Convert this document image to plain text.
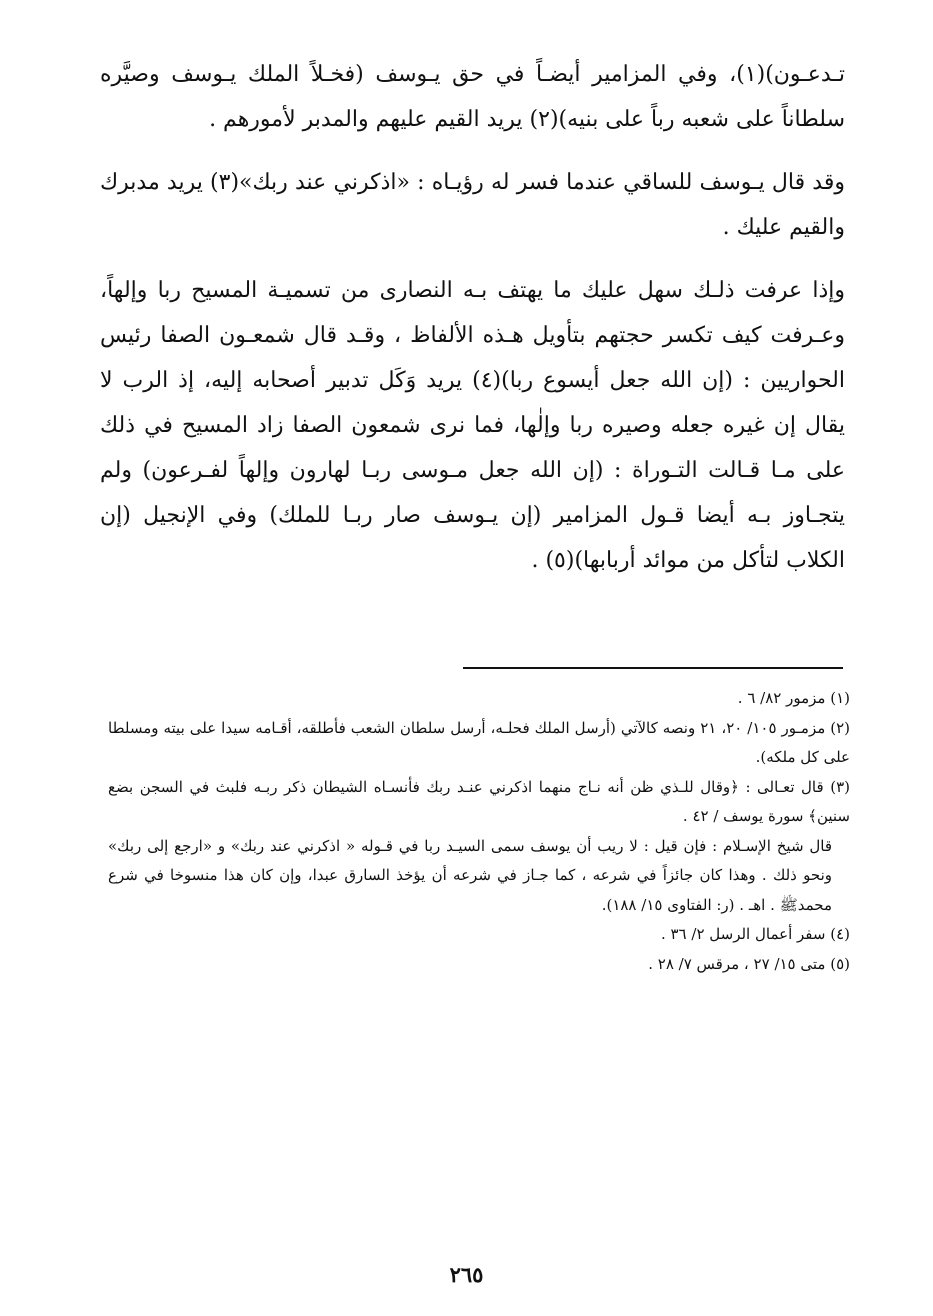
تـدعـون)(١)، وفي المزامير أيضـاً في حق يـوسف (فخـلاً الملك يـوسف وصيَّره سلطاناً على شعبه رباً على بنيه)(٢) يريد القيم عليهم والمدبر لأمورهم .

وقد قال يـوسف للساقي عندما فسر له رؤيـاه : «اذكرني عند ربك»(٣) يريد مدبرك والقيم عليك .

وإذا عرفت ذلـك سهل عليك ما يهتف بـه النصارى من تسميـة المسيح ربا وإلهاً، وعـرفت كيف تكسر حجتهم بتأويل هـذه الألفاظ ، وقـد قال شمعـون الصفا رئيس الحواريين : (إن الله جعل أيسوع ربا)(٤) يريد وَكَل تدبير أصحابه إليه، إذ الرب لا يقال إن غيره جعله وصيره ربا وإلٰها، فما نرى شمعون الصفا زاد المسيح في ذلك على مـا قـالت التـوراة : (إن الله جعل مـوسى ربـا لهارون وإلهاً لفـرعون) ولم يتجـاوز بـه أيضا قـول المزامير (إن يـوسف صار ربـا للملك) وفي الإنجيل (إن الكلاب لتأكل من موائد أربابها)(٥) .

(١) مزمور ٨٢/ ٦ .

(٢) مزمـور ١٠٥/ ٢٠، ٢١ ونصه كالآتي (أرسل الملك فحلـه، أرسل سلطان الشعب فأطلقه، أقـامه سيدا على بيته ومسلطا على كل ملكه).

(٣) قال تعـالى : ﴿وقال للـذي ظن أنه نـاج منهما اذكرني عنـد ربك فأنسـاه الشيطان ذكر ربـه فلبث في السجن بضع سنين﴾ سورة يوسف / ٤٢ .

قال شيخ الإسـلام : فإن قيل : لا ريب أن يوسف سمى السيـد ربا في قـوله « اذكرني عند ربك» و «ارجع إلى ربك» ونحو ذلك . وهذا كان جائزاً في شرعه ، كما جـاز في شرعه أن يؤخذ السارق عبدا، وإن كان هذا منسوخا في شرع محمدﷺ . اهـ . (ر: الفتاوى ١٥/ ١٨٨).

(٤) سفر أعمال الرسل ٢/ ٣٦ .

(٥) متى ١٥/ ٢٧ ، مرقس ٧/ ٢٨ .

٢٦٥
